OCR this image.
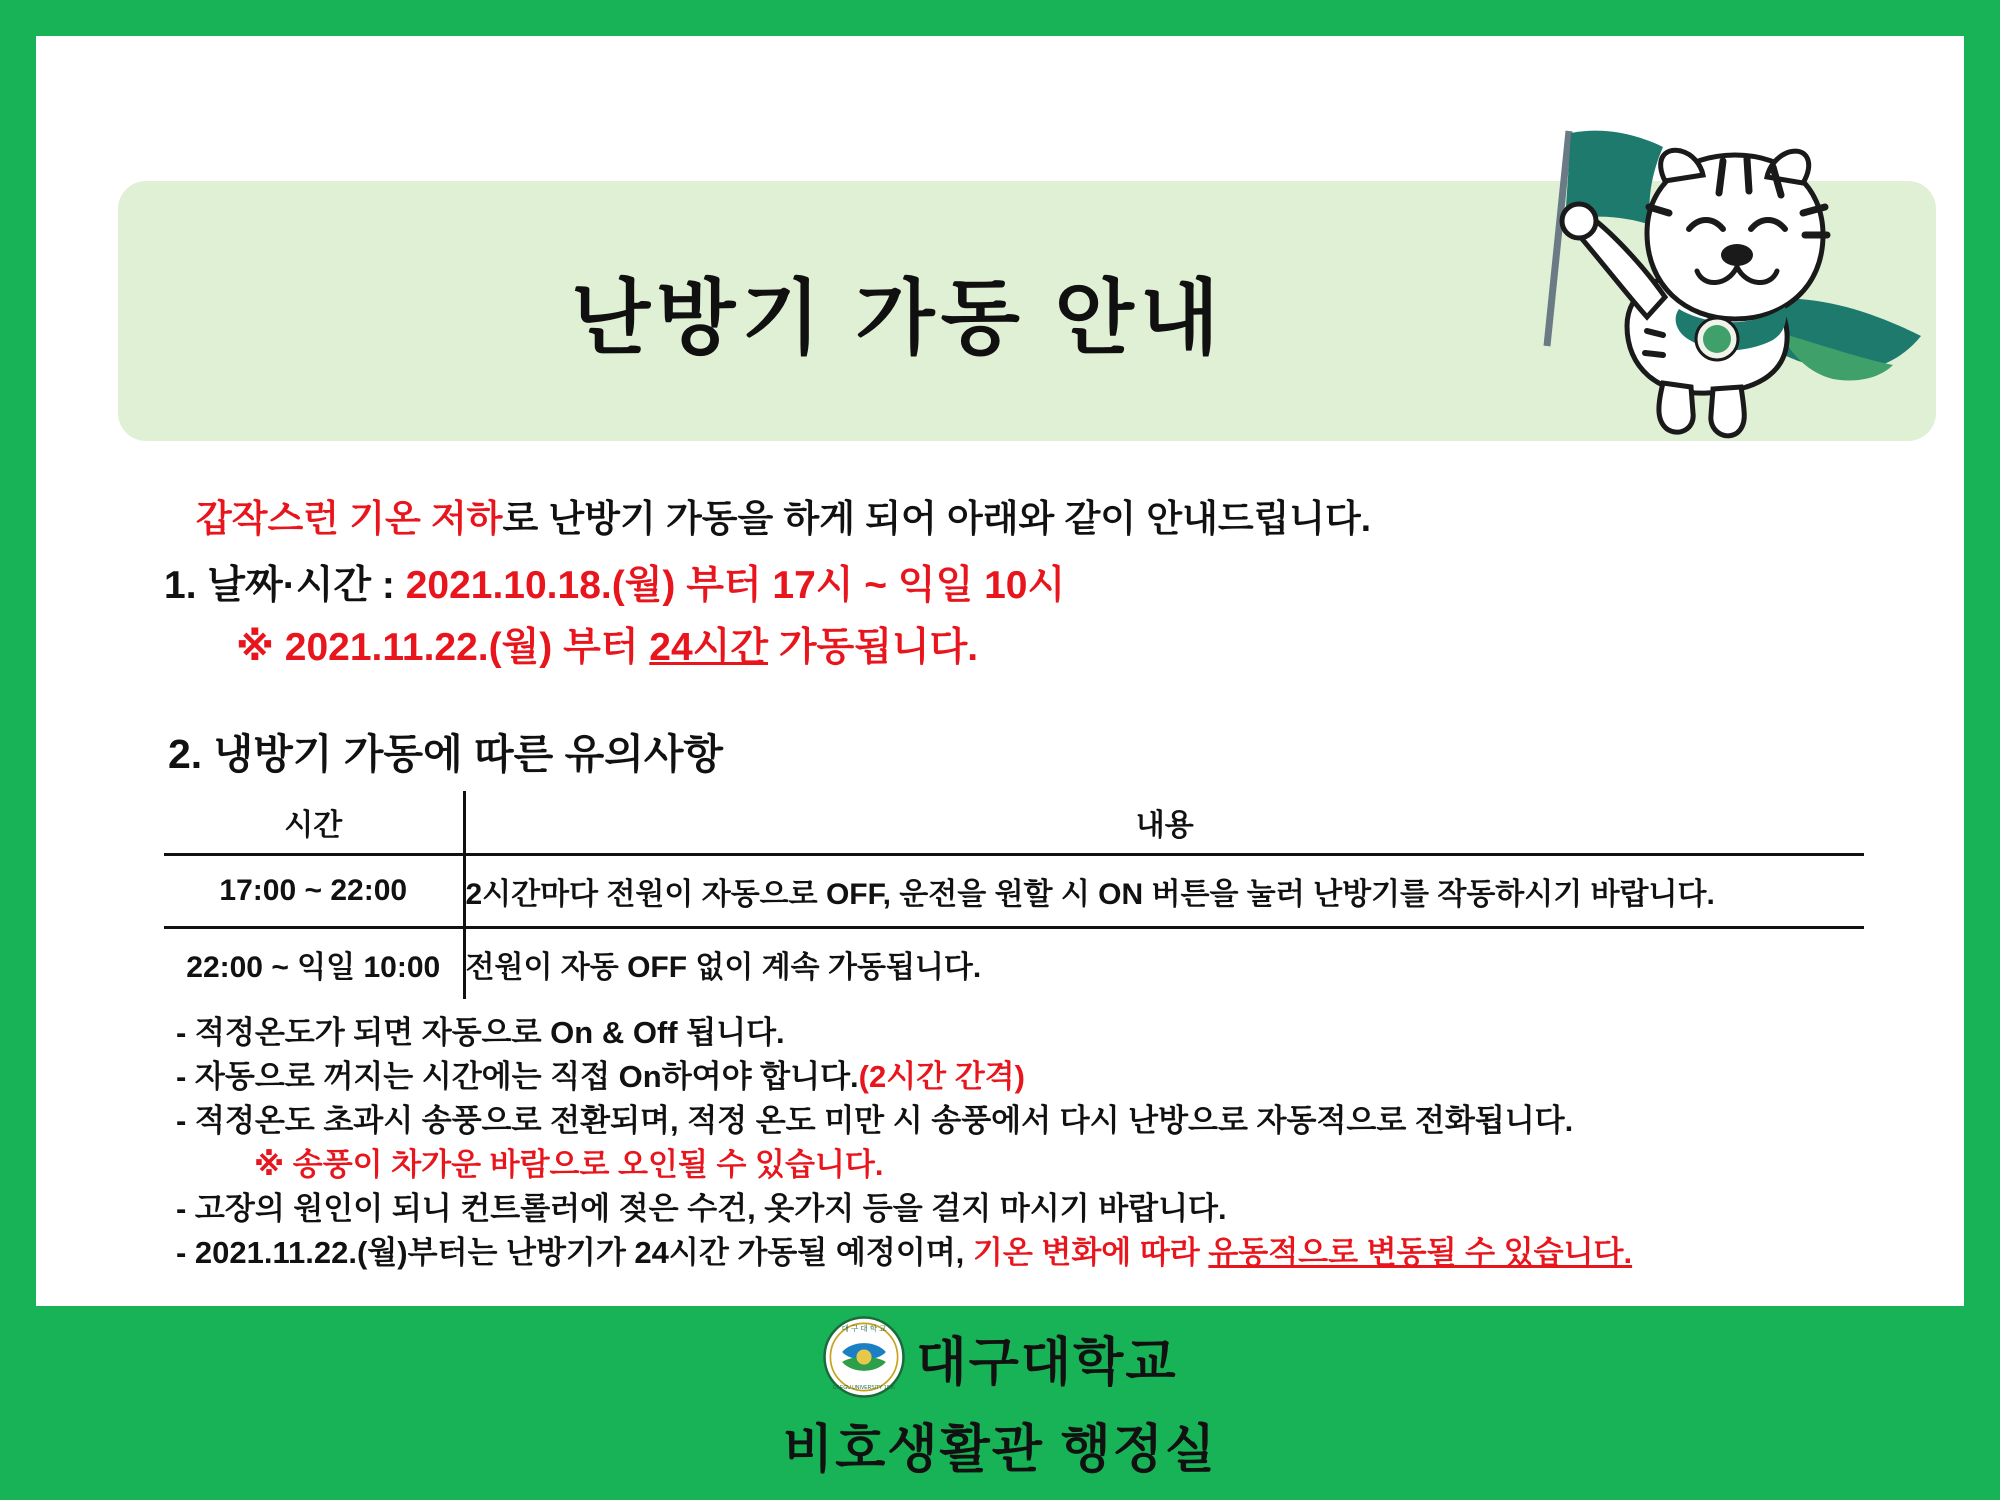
난방기 가동 안내
갑작스런 기온 저하로 난방기 가동을 하게 되어 아래와 같이 안내드립니다.
1. 날짜·시간 : 2021.10.18.(월) 부터 17시 ~ 익일 10시
※ 2021.11.22.(월) 부터 24시간 가동됩니다.
2. 냉방기 가동에 따른 유의사항
시간	내용
17:00 ~ 22:00	2시간마다 전원이 자동으로 OFF, 운전을 원할 시 ON 버튼을 눌러 난방기를 작동하시기 바랍니다.
22:00 ~ 익일 10:00	전원이 자동 OFF 없이 계속 가동됩니다.
- 적정온도가 되면 자동으로 On & Off 됩니다.
- 자동으로 꺼지는 시간에는 직접 On하여야 합니다.(2시간 간격)
- 적정온도 초과시 송풍으로 전환되며, 적정 온도 미만 시 송풍에서 다시 난방으로 자동적으로 전화됩니다.
※ 송풍이 차가운 바람으로 오인될 수 있습니다.
- 고장의 원인이 되니 컨트롤러에 젖은 수건, 옷가지 등을 걸지 마시기 바랍니다.
- 2021.11.22.(월)부터는 난방기가 24시간 가동될 예정이며, 기온 변화에 따라 유동적으로 변동될 수 있습니다.
대 구 대 학 교
DAEGU UNIVERSITY 1956 대구대학교
비호생활관 행정실
